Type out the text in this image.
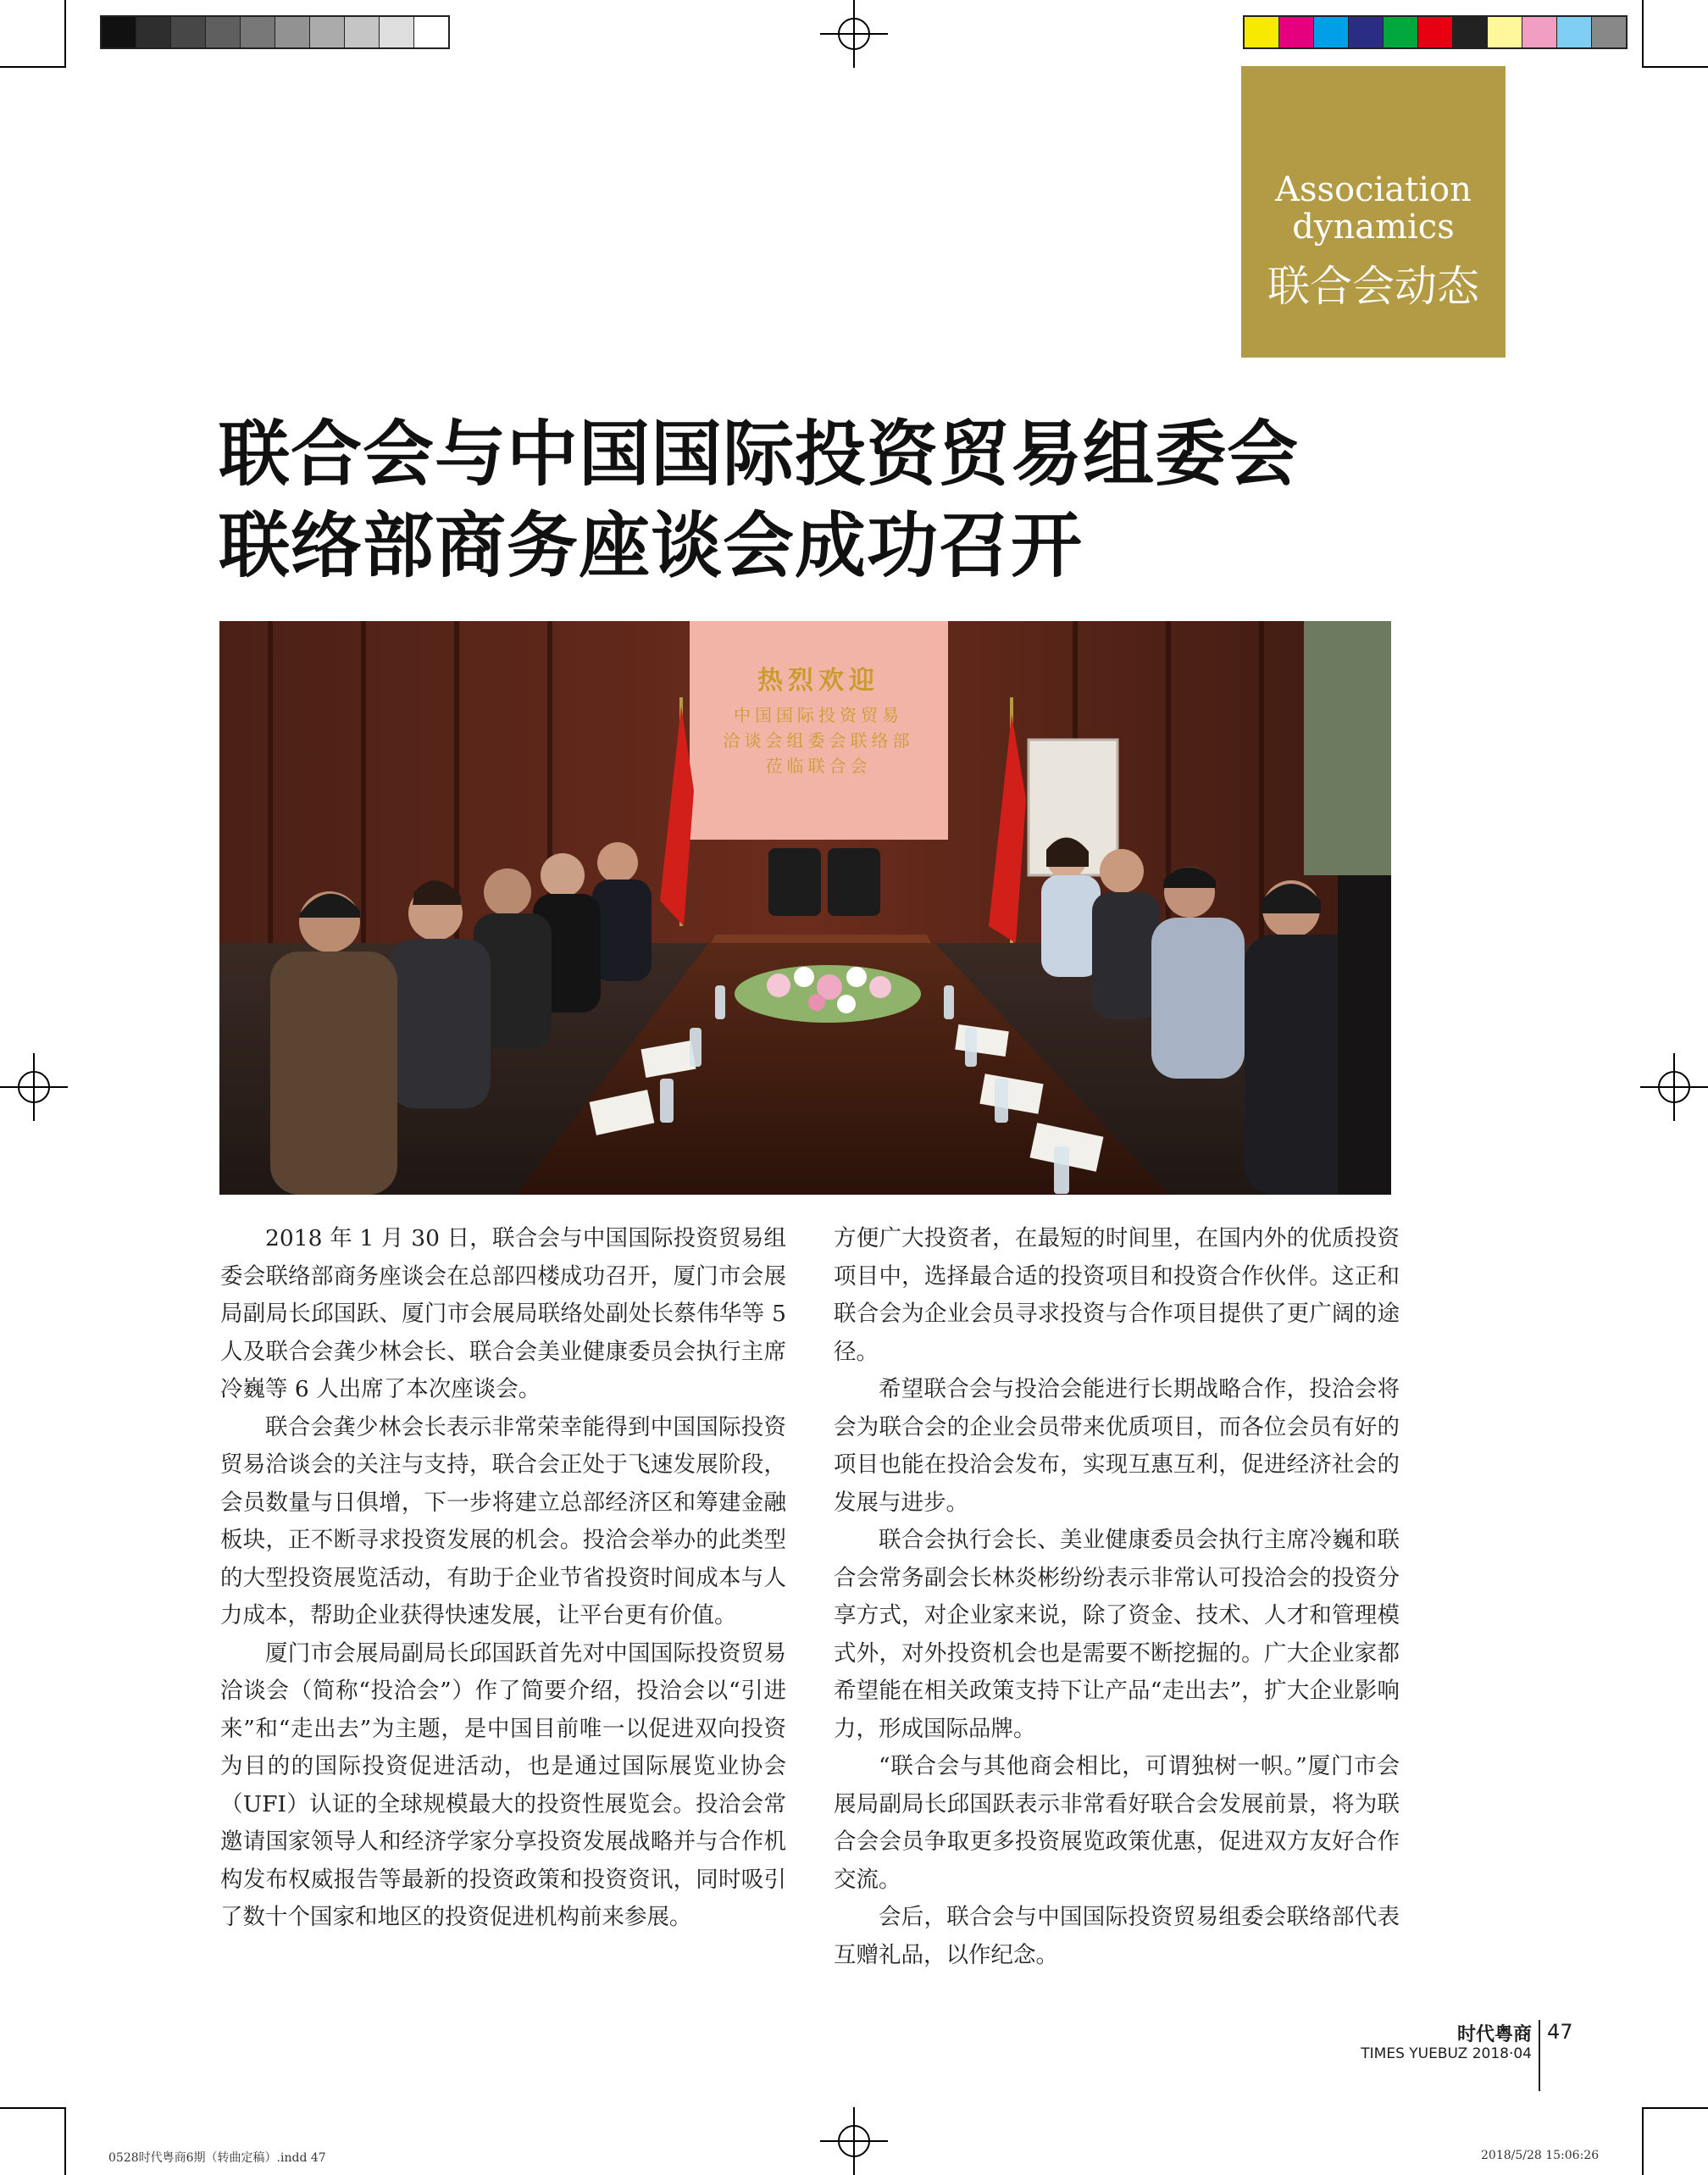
Association dynamics
联合会动态
联合会与中国国际投资贸易组委会
联络部商务座谈会成功召开
热烈欢迎
中国国际投资贸易
洽谈会组委会联络部
莅临联合会

2018 年 1 月 30 日，联合会与中国国际投资贸易组委会联络部商务座谈会在总部四楼成功召开，厦门市会展局副局长邱国跃、厦门市会展局联络处副处长蔡伟华等 5 人及联合会龚少林会长、联合会美业健康委员会执行主席冷巍等 6 人出席了本次座谈会。

联合会龚少林会长表示非常荣幸能得到中国国际投资贸易洽谈会的关注与支持，联合会正处于飞速发展阶段，会员数量与日俱增，下一步将建立总部经济区和筹建金融板块，正不断寻求投资发展的机会。投洽会举办的此类型的大型投资展览活动，有助于企业节省投资时间成本与人力成本，帮助企业获得快速发展，让平台更有价值。

厦门市会展局副局长邱国跃首先对中国国际投资贸易洽谈会（简称“投洽会”）作了简要介绍，投洽会以“引进来”和“走出去”为主题，是中国目前唯一以促进双向投资为目的的国际投资促进活动，也是通过国际展览业协会（UFI）认证的全球规模最大的投资性展览会。投洽会常邀请国家领导人和经济学家分享投资发展战略并与合作机构发布权威报告等最新的投资政策和投资资讯，同时吸引了数十个国家和地区的投资促进机构前来参展。

方便广大投资者，在最短的时间里，在国内外的优质投资项目中，选择最合适的投资项目和投资合作伙伴。这正和联合会为企业会员寻求投资与合作项目提供了更广阔的途径。

希望联合会与投洽会能进行长期战略合作，投洽会将会为联合会的企业会员带来优质项目，而各位会员有好的项目也能在投洽会发布，实现互惠互利，促进经济社会的发展与进步。

联合会执行会长、美业健康委员会执行主席冷巍和联合会常务副会长林炎彬纷纷表示非常认可投洽会的投资分享方式，对企业家来说，除了资金、技术、人才和管理模式外，对外投资机会也是需要不断挖掘的。广大企业家都希望能在相关政策支持下让产品“走出去”，扩大企业影响力，形成国际品牌。

“联合会与其他商会相比，可谓独树一帜。”厦门市会展局副局长邱国跃表示非常看好联合会发展前景，将为联合会会员争取更多投资展览政策优惠，促进双方友好合作交流。

会后，联合会与中国国际投资贸易组委会联络部代表互赠礼品，以作纪念。

时代粤商
TIMES YUEBUZ 2018·04
47
0528时代粤商6期（转曲定稿）.indd 47	2018/5/28 15:06:26
